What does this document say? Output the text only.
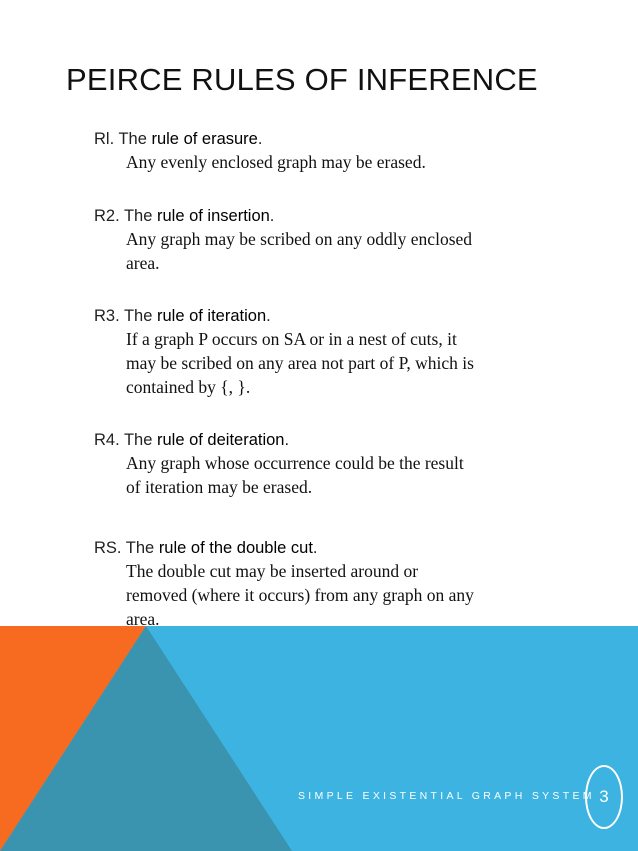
PEIRCE RULES OF INFERENCE
Rl. The rule of erasure.
Any evenly enclosed graph may be erased.
R2. The rule of insertion.
Any graph may be scribed on any oddly enclosed
area.
R3. The rule of iteration.
If a graph P occurs on SA or in a nest of cuts, it
may be scribed on any area not part of P, which is
contained by {, }.
R4. The rule of deiteration.
Any graph whose occurrence could be the result
of iteration may be erased.
RS. The rule of the double cut.
The double cut may be inserted around or
removed (where it occurs) from any graph on any
area.
SIMPLE EXISTENTIAL GRAPH SYSTEM 3
